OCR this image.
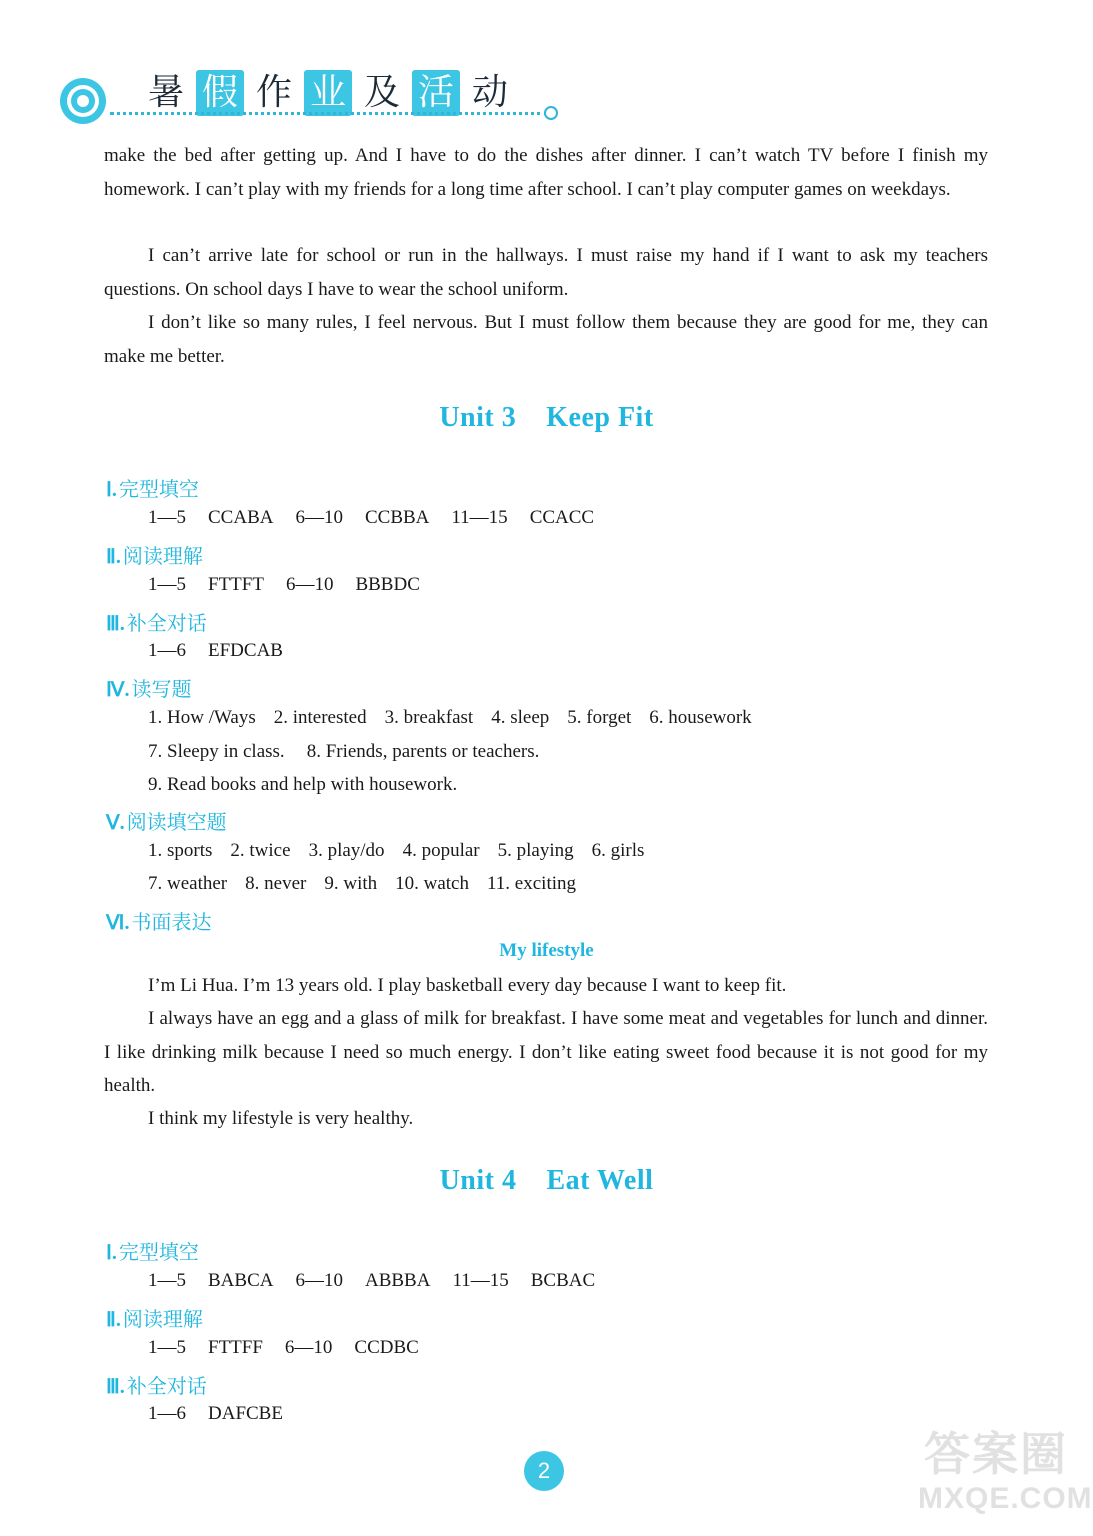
暑 假 作 业 及 活 动

make the bed after getting up. And I have to do the dishes after dinner. I can’t watch TV before I finish my homework. I can’t play with my friends for a long time after school. I can’t play computer games on weekdays.

I can’t arrive late for school or run in the hallways. I must raise my hand if I want to ask my teachers questions. On school days I have to wear the school uniform.

I don’t like so many rules, I feel nervous. But I must follow them because they are good for me, they can make me better.

Unit 3 Keep Fit
Ⅰ. 完型填空
1—5 CCABA 6—10 CCBBA 11—15 CCACC
Ⅱ. 阅读理解
1—5 FTTFT 6—10 BBBDC
Ⅲ. 补全对话
1—6 EFDCAB
Ⅳ. 读写题
1. How /Ways 2. interested 3. breakfast 4. sleep 5. forget 6. housework
7. Sleepy in class. 8. Friends, parents or teachers.
9. Read books and help with housework.
Ⅴ. 阅读填空题
1. sports 2. twice 3. play/do 4. popular 5. playing 6. girls
7. weather 8. never 9. with 10. watch 11. exciting
Ⅵ. 书面表达
My lifestyle

I’m Li Hua. I’m 13 years old. I play basketball every day because I want to keep fit.

I always have an egg and a glass of milk for breakfast. I have some meat and vegetables for lunch and dinner. I like drinking milk because I need so much energy. I don’t like eating sweet food because it is not good for my health.

I think my lifestyle is very healthy.

Unit 4 Eat Well
Ⅰ. 完型填空
1—5 BABCA 6—10 ABBBA 11—15 BCBAC
Ⅱ. 阅读理解
1—5 FTTFF 6—10 CCDBC
Ⅲ. 补全对话
1—6 DAFCBE
2	答案圈
MXQE.COM
